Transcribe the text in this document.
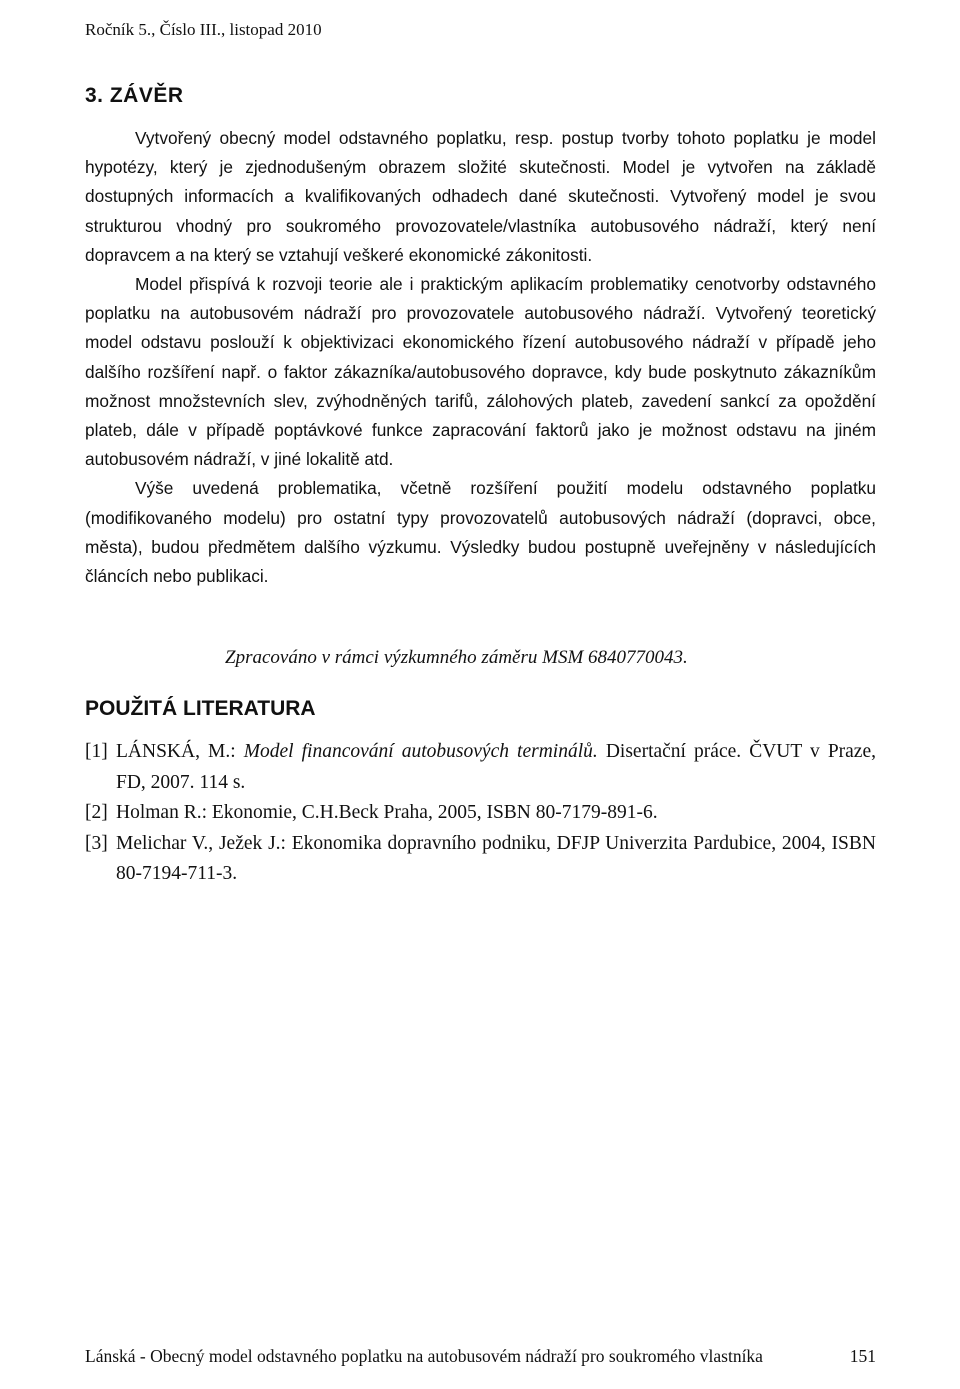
Ročník 5., Číslo III., listopad 2010
3. ZÁVĚR

Vytvořený obecný model odstavného poplatku, resp. postup tvorby tohoto poplatku je model hypotézy, který je zjednodušeným obrazem složité skutečnosti. Model je vytvořen na základě dostupných informacích a kvalifikovaných odhadech dané skutečnosti. Vytvořený model je svou strukturou vhodný pro soukromého provozovatele/vlastníka autobusového nádraží, který není dopravcem a na který se vztahují veškeré ekonomické zákonitosti.

Model přispívá k rozvoji teorie ale i praktickým aplikacím problematiky cenotvorby odstavného poplatku na autobusovém nádraží pro provozovatele autobusového nádraží. Vytvořený teoretický model odstavu poslouží k objektivizaci ekonomického řízení autobusového nádraží v případě jeho dalšího rozšíření např. o faktor zákazníka/autobusového dopravce, kdy bude poskytnuto zákazníkům možnost množstevních slev, zvýhodněných tarifů, zálohových plateb, zavedení sankcí za opoždění plateb, dále v případě poptávkové funkce zapracování faktorů jako je možnost odstavu na jiném autobusovém nádraží, v jiné lokalitě atd.

Výše uvedená problematika, včetně rozšíření použití modelu odstavného poplatku (modifikovaného modelu) pro ostatní typy provozovatelů autobusových nádraží (dopravci, obce, města), budou předmětem dalšího výzkumu. Výsledky budou postupně uveřejněny v následujících článcích nebo publikaci.

Zpracováno v rámci výzkumného záměru MSM 6840770043.
POUŽITÁ LITERATURA
[1] LÁNSKÁ, M.: Model financování autobusových terminálů. Disertační práce. ČVUT v Praze, FD, 2007. 114 s.
[2] Holman R.: Ekonomie, C.H.Beck Praha, 2005, ISBN 80-7179-891-6.
[3] Melichar V., Ježek J.: Ekonomika dopravního podniku, DFJP Univerzita Pardubice, 2004, ISBN 80-7194-711-3.
Lánská - Obecný model odstavného poplatku na autobusovém nádraží pro soukromého vlastníka	151
